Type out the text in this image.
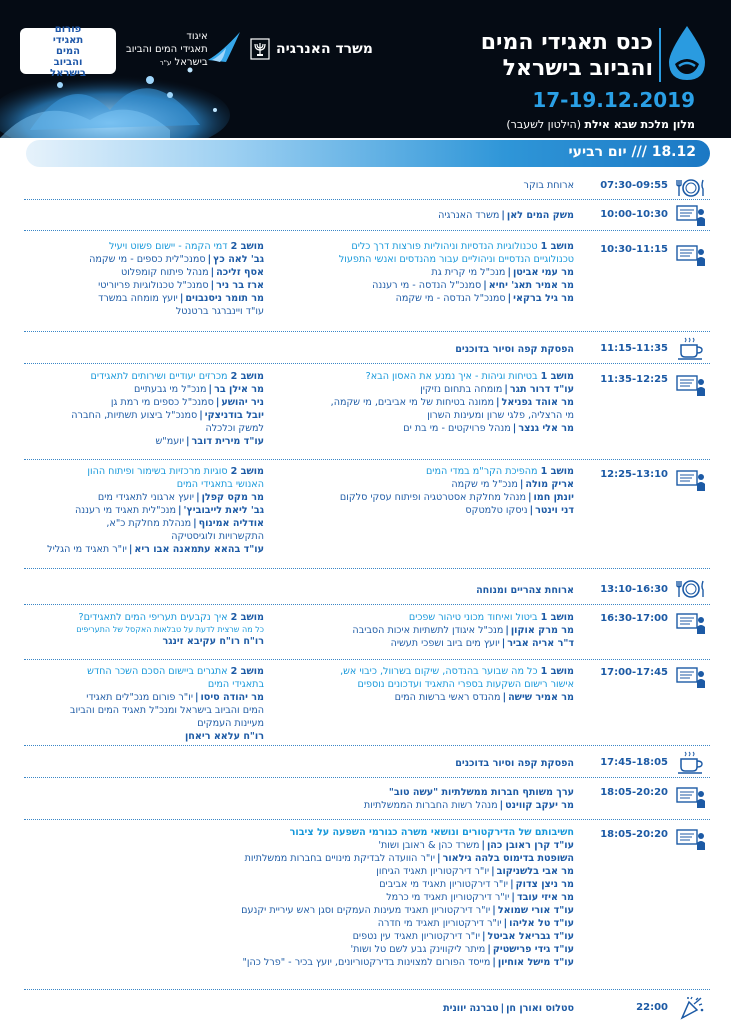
פורום
תאגידי
המים
והביוב
בישראל
איגוד
תאגידי המים והביוב
בישראל ע"ר
משרד האנרגיה	כנס תאגידי המים
והביוב בישראל
17-19.12.2019
מלון מלכת שבא אילת (הילטון לשעבר)
18.12 /// יום רביעי
07:30-09:55
ארוחת בוקר
10:00-10:30
משק המים לאן|משרד האנרגיה
10:30-11:15
מושב 1 טכנולוגיות הנדסיות וניהוליות פורצות דרך כלים
טכנולוגיים הנדסיים וניהוליים עבור מהנדסים ואנשי התפעול
מר עמי אביטן|מנכ"ל מי קרית גת
מר אמיר תאג' יחיא|סמנכ"ל הנדסה - מי רעננה
מר גיל ברקאי|סמנכ"ל הנדסה - מי שקמה
מושב 2 דמי הקמה - יישום פשוט ויעיל
גב' לאה כץ|סמנכ"לית כספים - מי שקמה
אסף זליכה|מנהל פיתוח קומפלוט
ארז בר ניר|סמנכ"ל טכנולוגיות פריוריטי
מר תומר ניסנבוים|יועץ מומחה במשרד
עו"ד ויינברגר ברטנטל
11:15-11:35
הפסקת קפה וסיור בדוכנים
11:35-12:25
מושב 1 בטיחות וגיהות - איך נמנע את האסון הבא?
עו"ד דרור תגר|מומחה בתחום נזיקין
מר אוהד גפניאל|ממונה בטיחות של מי אביבים, מי שקמה,
מי הרצליה, פלגי שרון ומעינות השרון
מר אלי גנצר|מנהל פרויקטים - מי בת ים
מושב 2 מכרזים יעודיים ושירותים לתאגידים
מר אילן בר|מנכ"ל מי גבעתיים
ניר יהושע|סמנכ"ל כספים מי רמת גן
יובל בודניצקי|סמנכ"ל ביצוע תשתיות, החברה
למשק וכלכלה
עו"ד מירית דובר|יועמ"ש
12:25-13:10
מושב 1 מהפיכת הקר"מ במדי המים
אריק מולה|מנכ"ל מי שקמה
יונתן חמו|מנהל מחלקת אסטרטגיה ופיתוח עסקי סלקום
דני וינטר|ניסקו טלמטקס
מושב 2 סוגיות מרכזיות בשימור ופיתוח ההון
האנושי בתאגידי המים
מר מקס קפלן|יועץ ארגוני לתאגידי מים
גב' ליאת לייבוביץ'|מנכ"לית תאגיד מי רעננה
אודליה אמינוף|מנהלת מחלקת כ"א,
התקשרויות ולוגיסטיקה
עו"ד בהאא עתמאנה אבו ריא|יו"ר תאגיד מי הגליל
13:10-16:30
ארוחת צהריים ומנוחה
16:30-17:00
מושב 1 ביטול ואיחוד מכוני טיהור שפכים
מר מרק אוקון|מנכ"ל איגודן לתשתיות איכות הסביבה
ד"ר אריה אביר|יועץ מים ביוב ושפכי תעשיה
מושב 2 איך נקבעים תעריפי המים לתאגידים?
כל מה שרצית לדעת על טבלאות האקסל של התעריפים
רו"ח רו"ח עקיבא זינגר
17:00-17:45
מושב 1 כל מה שבוער בהנדסה, שיקום בשרוול, כיבוי אש,
אישור רישום השקעות בספרי התאגיד ועדכונים נוספים
מר אמיר שישה|מהנדס ראשי ברשות המים
מושב 2 אתגרים ביישום הסכם השכר החדש
בתאגידי המים
מר יהודה סיסו|יו"ר פורום מנכ"לים תאגידי
המים והביוב בישראל ומנכ"ל תאגיד המים והביוב
מעיינות העמקים
רו"ח עלאא ריאחן
17:45-18:05
הפסקת קפה וסיור בדוכנים
18:05-20:20
ערך משותף חברות ממשלתיות "עשה טוב"
מר יעקב קווינט|מנהל רשות החברות הממשלתיות
18:05-20:20
חשיבותם של הדירקטורים ונושאי משרה כגורמי השפעה על ציבור
עו"ד קרן ראובן כהן|משרד כהן & ראובן ושות'
השופטת בדימוס בלהה גילאור|יו"ר הוועדה לבדיקת מינויים בחברות ממשלתיות
מר אבי בלשניקוב|יו"ר דירקטוריון תאגיד הגיחון
מר ניצן צדוק|יו"ר דירקטוריון תאגיד מי אביבים
מר איזי עובד|יו"ר דירקטוריון תאגיד מי כרמל
עו"ד אורי שמואל|יו"ר דירקטוריון תאגיד מעינות העמקים וסגן ראש עיריית יקנעם
עו"ד טל אליהו|יו"ר דירקטוריון תאגיד מי חדרה
עו"ד גבריאל אביטל|יו"ר דירקטוריון תאגיד עין נטפים
עו"ד גידי פרישטיק|מיתר ליקווינק גבע לשם טל ושות'
עו"ד מישל אוחיון|מייסד הפורום למצוינות בדירקטוריונים, יועץ בכיר - "פרל כהן"
22:00
סטלוס ואורן חן|טברנה יוונית
